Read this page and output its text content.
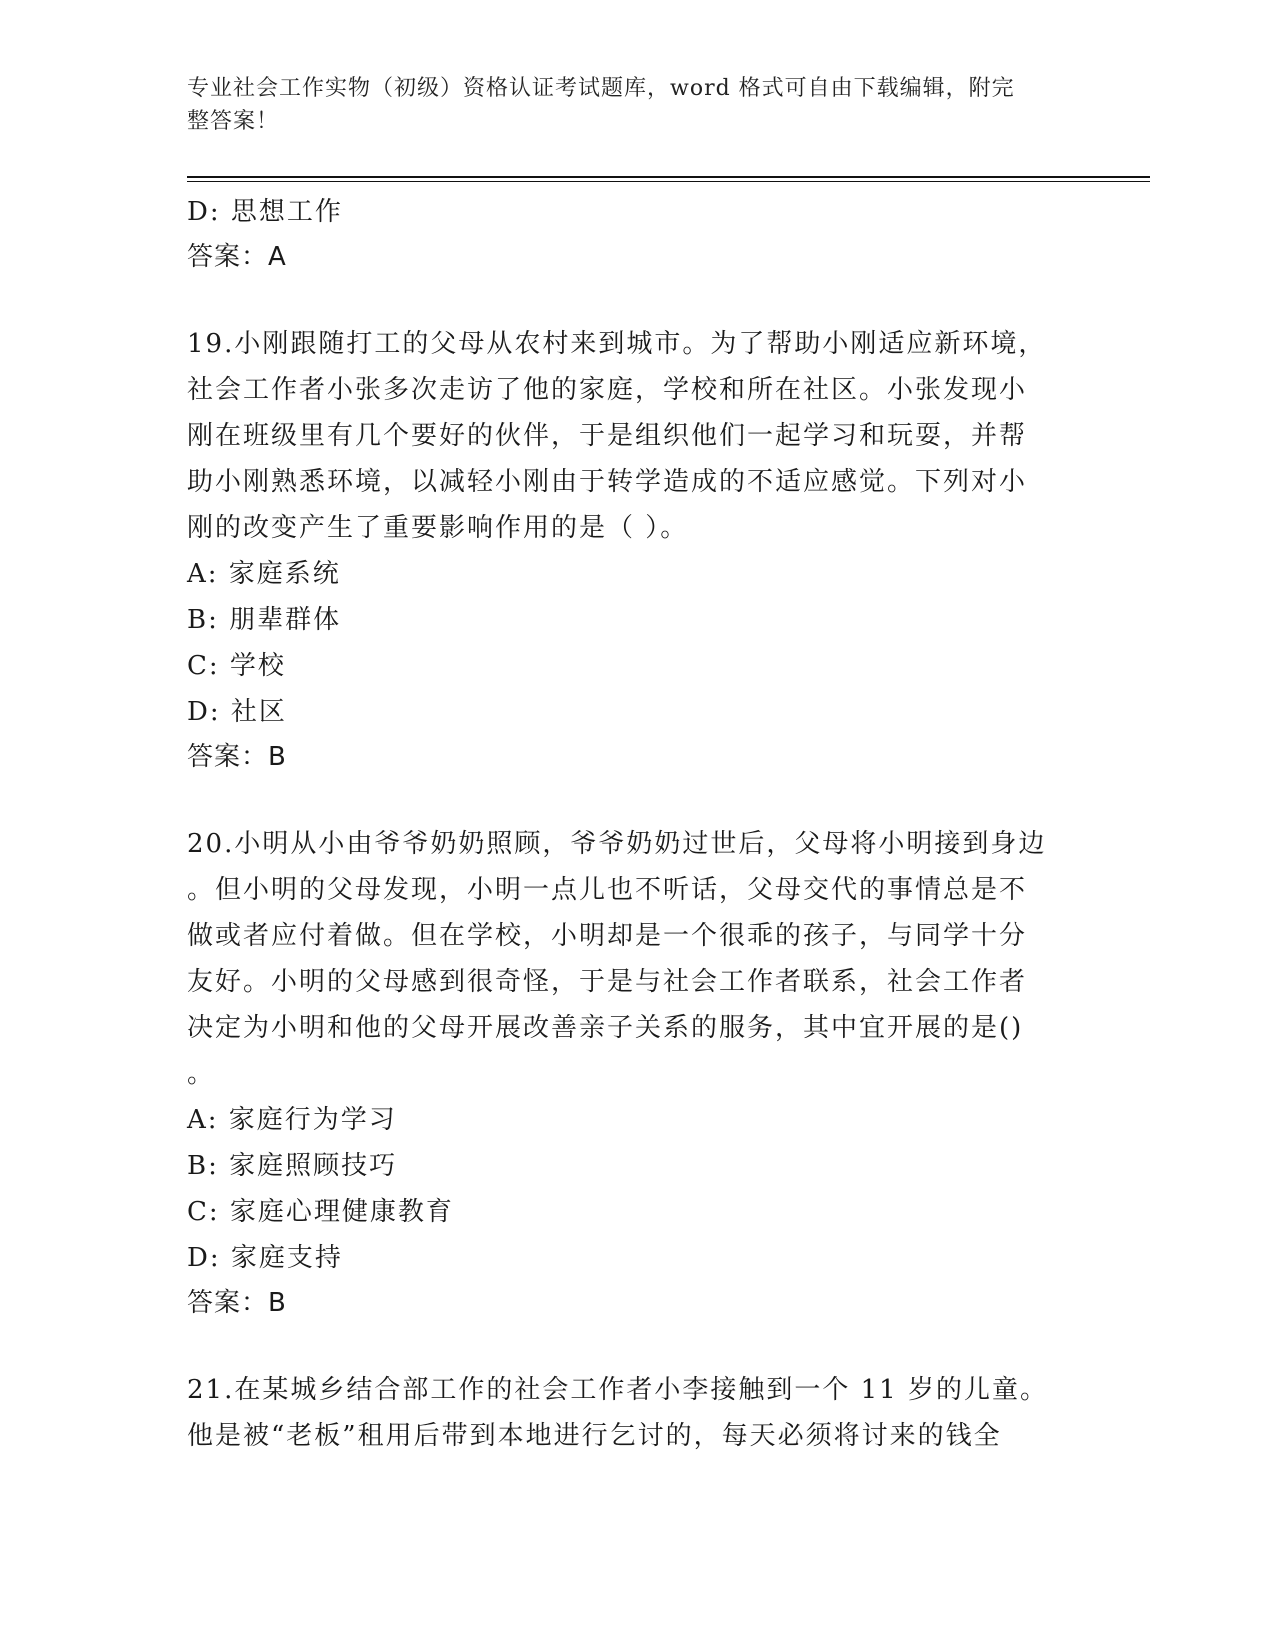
专业社会工作实物（初级）资格认证考试题库，word 格式可自由下载编辑，附完
整答案！
D: 思想工作
答案：A
19.小刚跟随打工的父母从农村来到城市。为了帮助小刚适应新环境，
社会工作者小张多次走访了他的家庭，学校和所在社区。小张发现小
刚在班级里有几个要好的伙伴，于是组织他们一起学习和玩耍，并帮
助小刚熟悉环境，以减轻小刚由于转学造成的不适应感觉。下列对小
刚的改变产生了重要影响作用的是（ ）。
A: 家庭系统
B: 朋辈群体
C: 学校
D: 社区
答案：B
20.小明从小由爷爷奶奶照顾，爷爷奶奶过世后，父母将小明接到身边
。但小明的父母发现，小明一点儿也不听话，父母交代的事情总是不
做或者应付着做。但在学校，小明却是一个很乖的孩子，与同学十分
友好。小明的父母感到很奇怪，于是与社会工作者联系，社会工作者
决定为小明和他的父母开展改善亲子关系的服务，其中宜开展的是()
。
A: 家庭行为学习
B: 家庭照顾技巧
C: 家庭心理健康教育
D: 家庭支持
答案：B
21.在某城乡结合部工作的社会工作者小李接触到一个 11 岁的儿童。
他是被“老板”租用后带到本地进行乞讨的，每天必须将讨来的钱全
